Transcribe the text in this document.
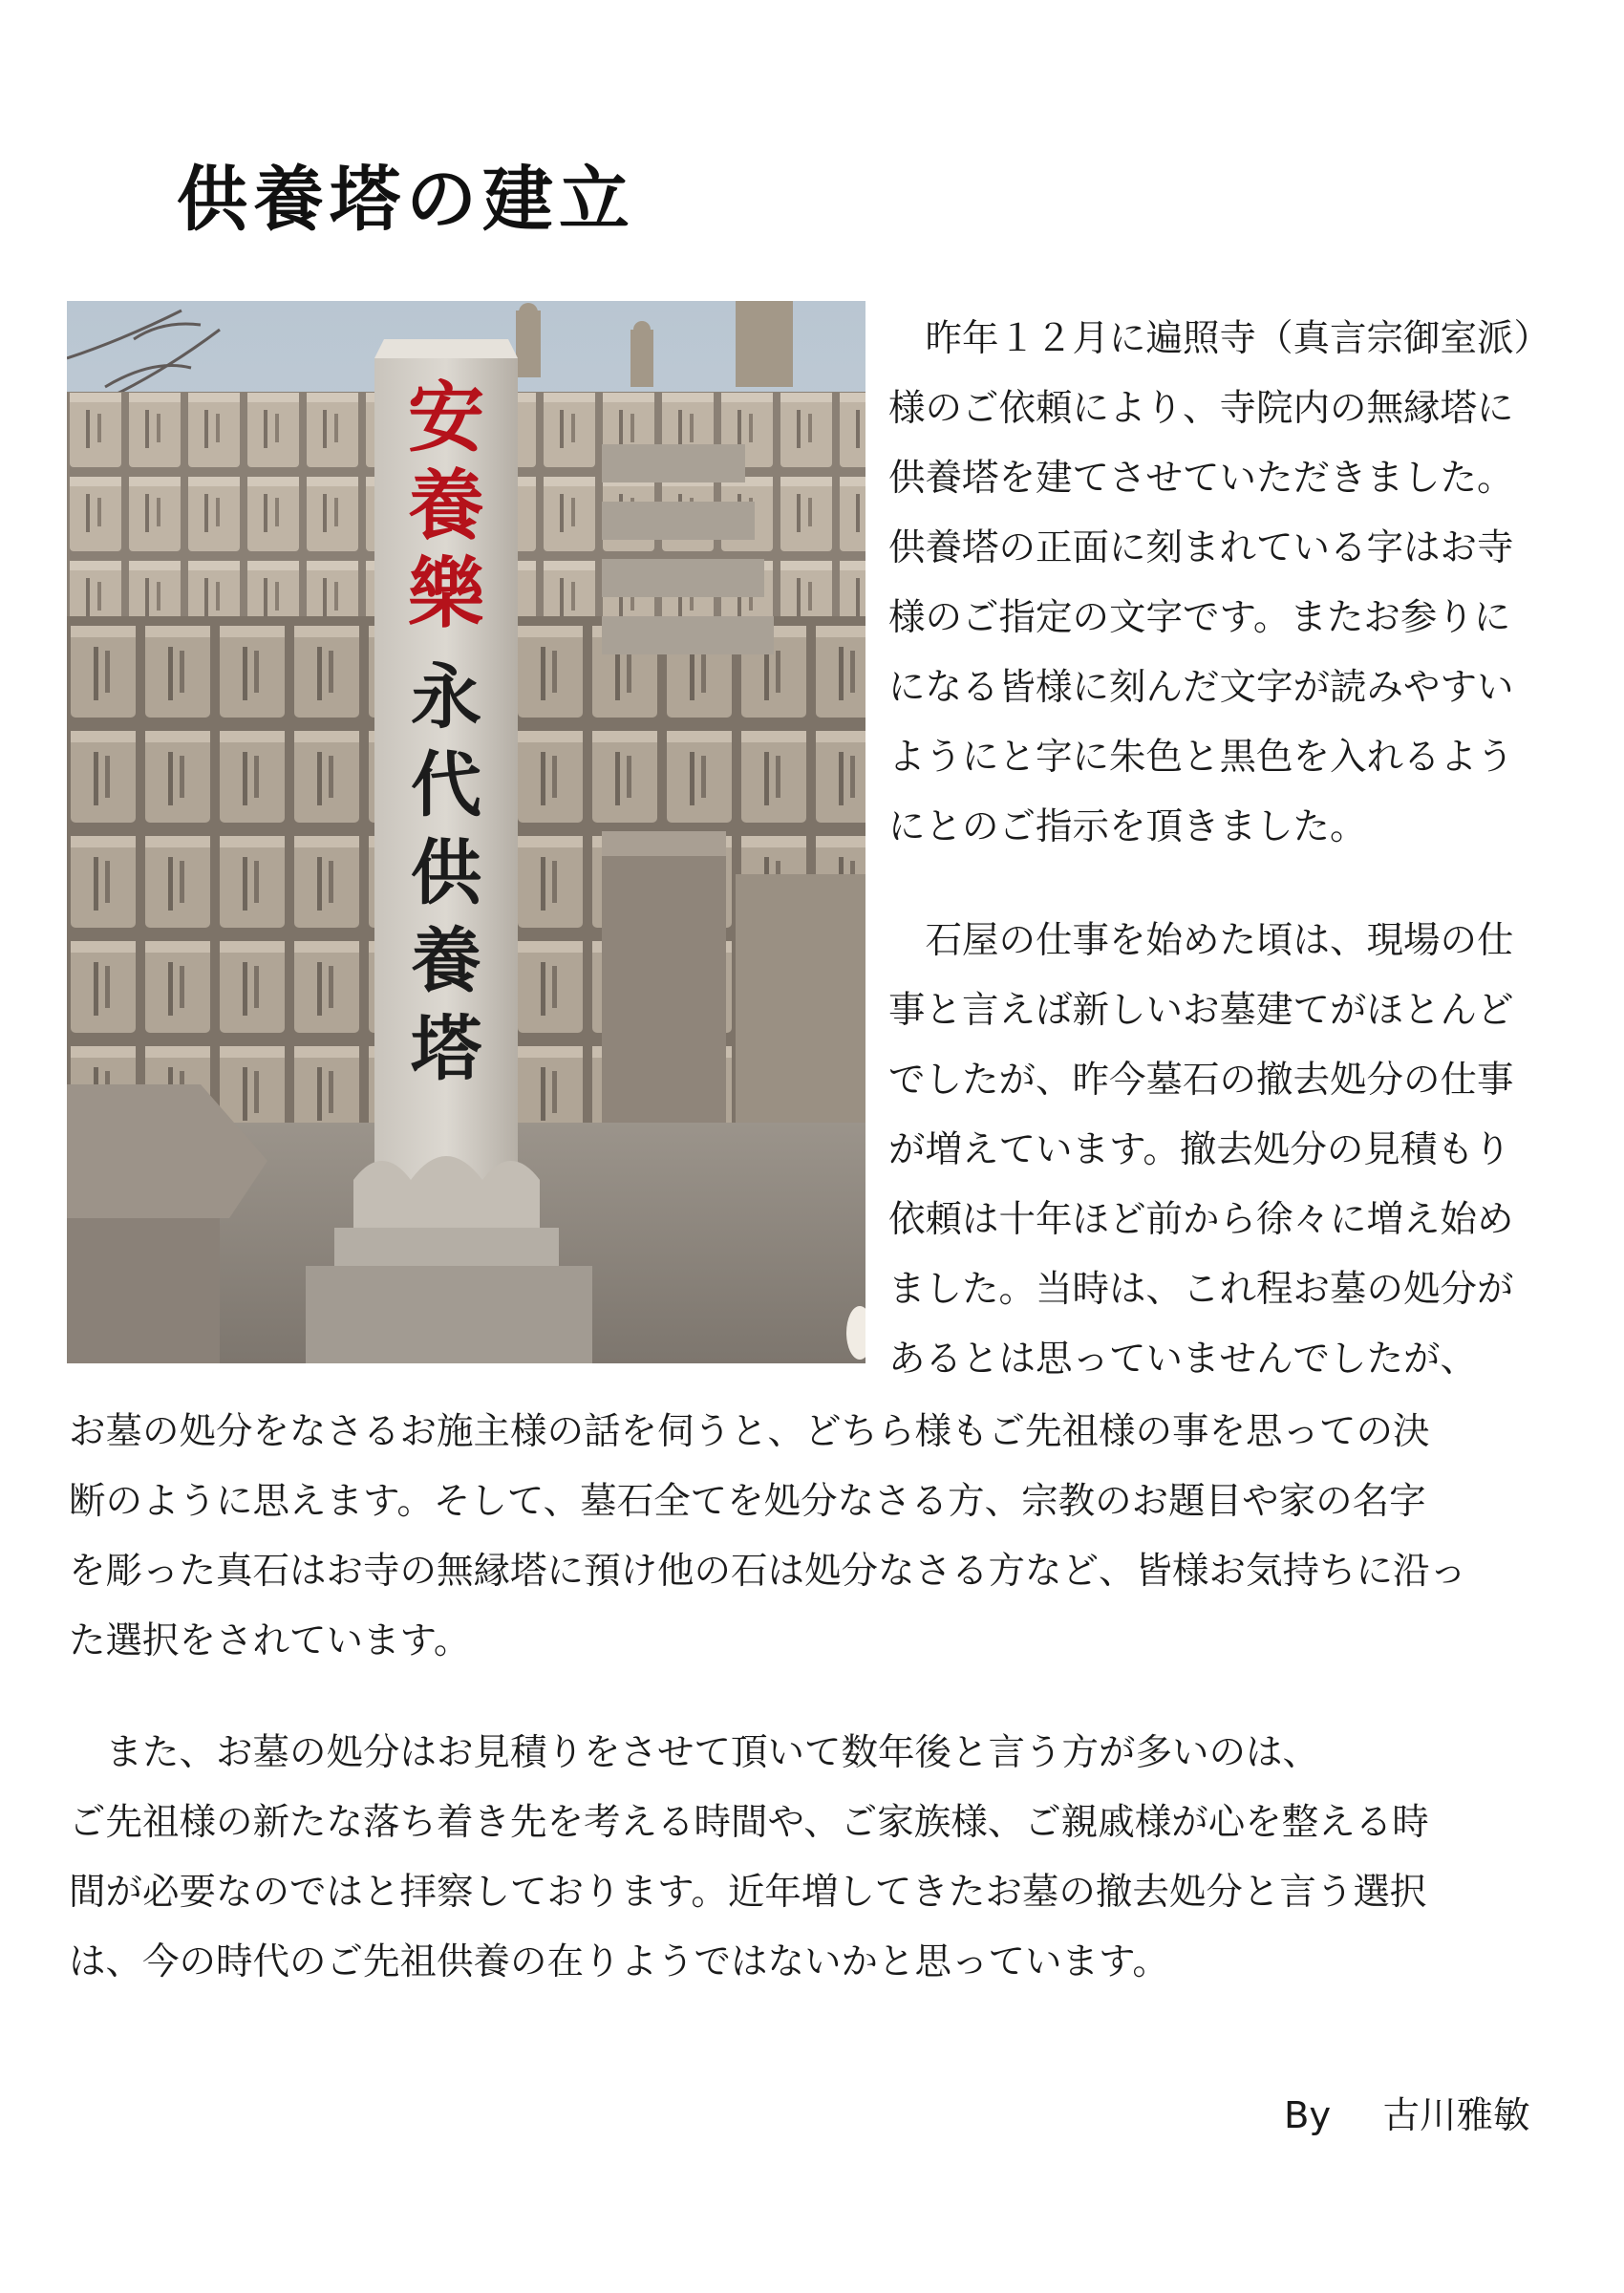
供養塔の建立
安
養
樂
永
代
供
養
塔
　昨年１２月に遍照寺（真言宗御室派）
様のご依頼により、寺院内の無縁塔に
供養塔を建てさせていただきました。
供養塔の正面に刻まれている字はお寺
様のご指定の文字です。またお参りに
になる皆様に刻んだ文字が読みやすい
ようにと字に朱色と黒色を入れるよう
にとのご指示を頂きました。
　石屋の仕事を始めた頃は、現場の仕
事と言えば新しいお墓建てがほとんど
でしたが、昨今墓石の撤去処分の仕事
が増えています。撤去処分の見積もり
依頼は十年ほど前から徐々に増え始め
ました。当時は、これ程お墓の処分が
あるとは思っていませんでしたが、
お墓の処分をなさるお施主様の話を伺うと、どちら様もご先祖様の事を思っての決
断のように思えます。そして、墓石全てを処分なさる方、宗教のお題目や家の名字
を彫った真石はお寺の無縁塔に預け他の石は処分なさる方など、皆様お気持ちに沿っ
た選択をされています。
　また、お墓の処分はお見積りをさせて頂いて数年後と言う方が多いのは、
ご先祖様の新たな落ち着き先を考える時間や、ご家族様、ご親戚様が心を整える時
間が必要なのではと拝察しております。近年増してきたお墓の撤去処分と言う選択
は、今の時代のご先祖供養の在りようではないかと思っています。
By 古川雅敏
